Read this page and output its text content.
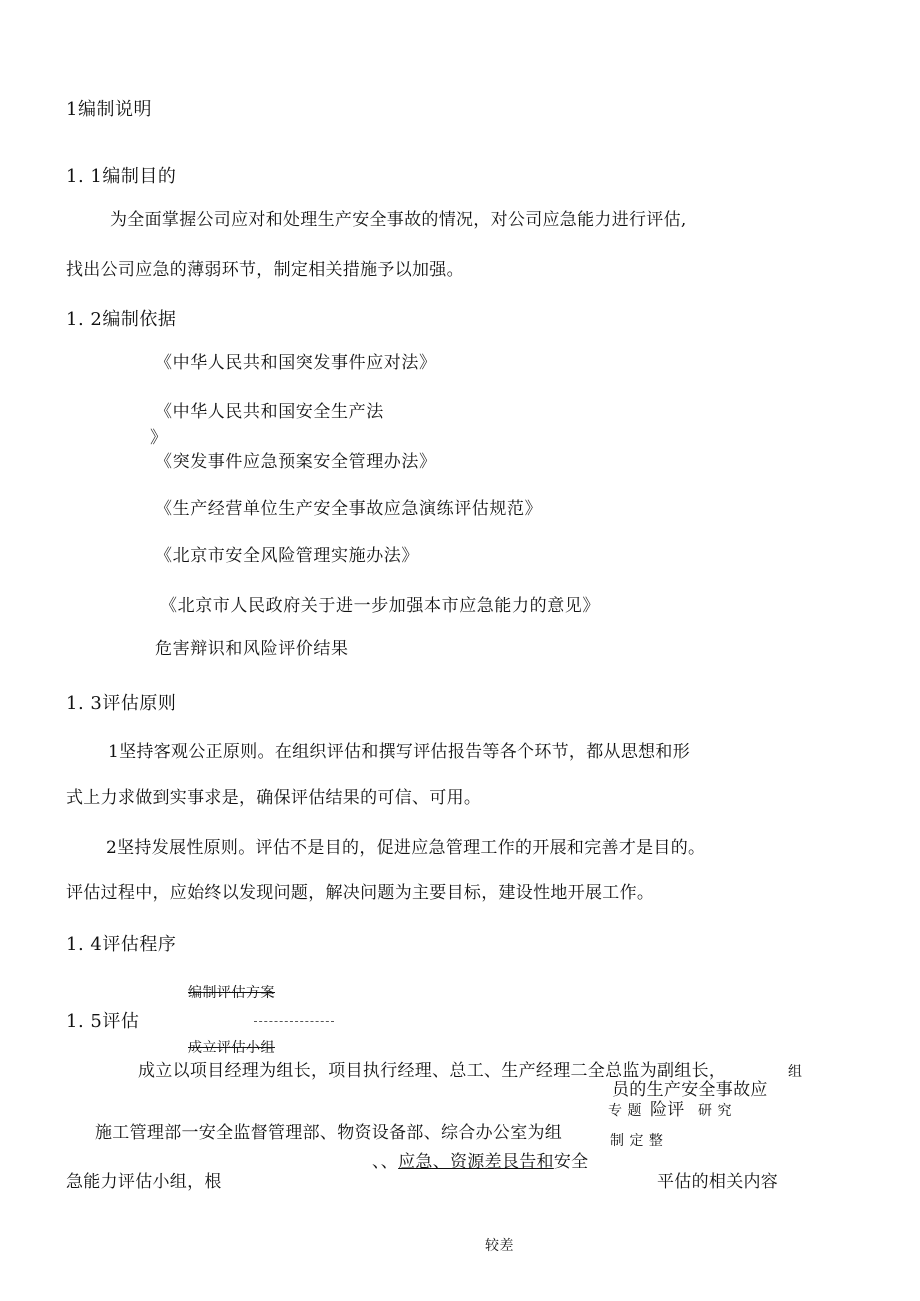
1编制说明
1. 1编制目的
为全面掌握公司应对和处理生产安全事故的情况，对公司应急能力进行评估,
找出公司应急的薄弱环节，制定相关措施予以加强。
1. 2编制依据
《中华人民共和国突发事件应对法》
《中华人民共和国安全生产法
》
《突发事件应急预案安全管理办法》
《生产经营单位生产安全事故应急演练评估规范》
《北京市安全风险管理实施办法》
《北京市人民政府关于进一步加强本市应急能力的意见》
危害辩识和风险评价结果
1. 3评估原则
1坚持客观公正原则。在组织评估和撰写评估报告等各个环节，都从思想和形
式上力求做到实事求是，确保评估结果的可信、可用。
2坚持发展性原则。评估不是目的，促进应急管理工作的开展和完善才是目的。
评估过程中，应始终以发现问题，解决问题为主要目标，建设性地开展工作。
1. 4评估程序
编制评估方案
1. 5评估
成立评估小组
成立以项目经理为组长，项目执行经理、总工、生产经理二全总监为副组长，	组
员的生产安全事故应
专 题 险评 研 究
施工管理部一安全监督管理部、物资设备部、综合办公室为组	制 定 整
、、应急、资源差艮告和安全
急能力评估小组，根	平估的相关内容
较差
